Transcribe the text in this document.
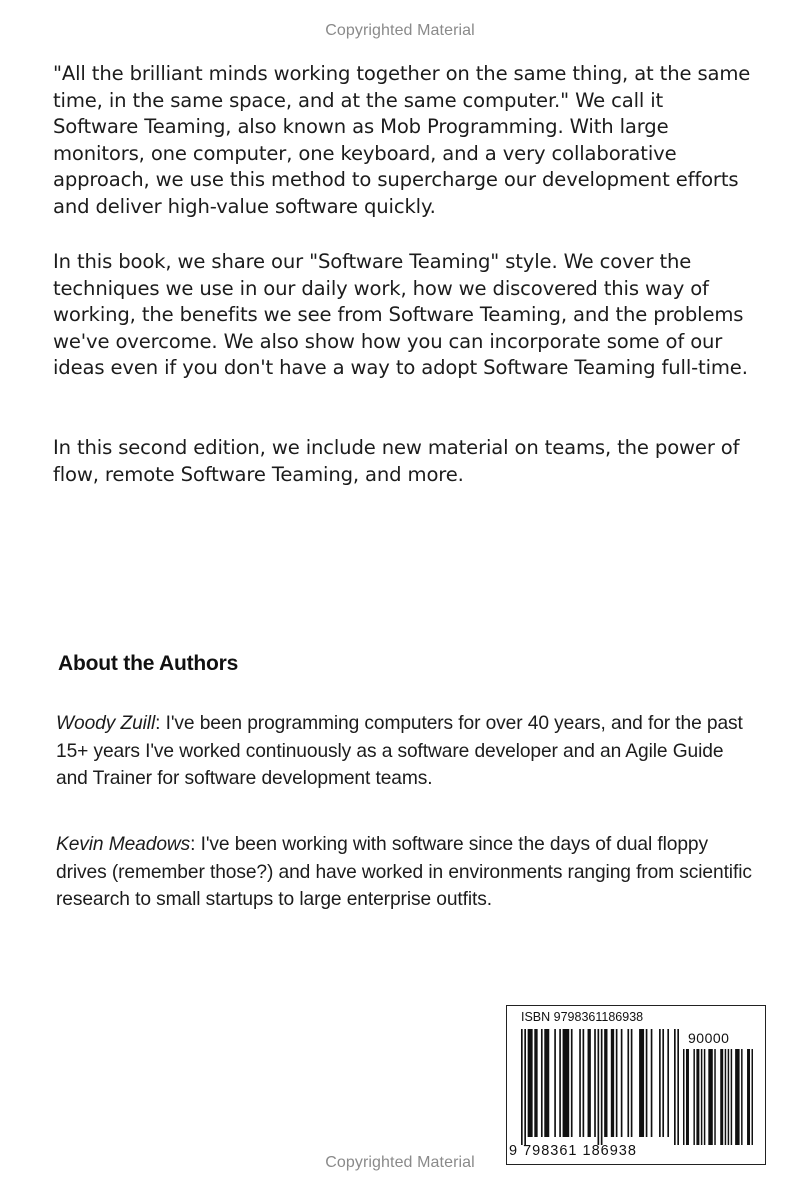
Copyrighted Material

"All the brilliant minds working together on the same thing, at the same time, in the same space, and at the same computer." We call it Software Teaming, also known as Mob Programming. With large monitors, one computer, one keyboard, and a very collaborative approach, we use this method to supercharge our development efforts and deliver high-value software quickly.

In this book, we share our "Software Teaming" style. We cover the techniques we use in our daily work, how we discovered this way of working, the benefits we see from Software Teaming, and the problems we've overcome. We also show how you can incorporate some of our ideas even if you don't have a way to adopt Software Teaming full-time.

In this second edition, we include new material on teams, the power of flow, remote Software Teaming, and more.

About the Authors

Woody Zuill: I've been programming computers for over 40 years, and for the past 15+ years I've worked continuously as a software developer and an Agile Guide and Trainer for software development teams.

Kevin Meadows: I've been working with software since the days of dual floppy drives (remember those?) and have worked in environments ranging from scientific research to small startups to large enterprise outfits.

ISBN 9798361186938
90000
9 798361 186938
Copyrighted Material
